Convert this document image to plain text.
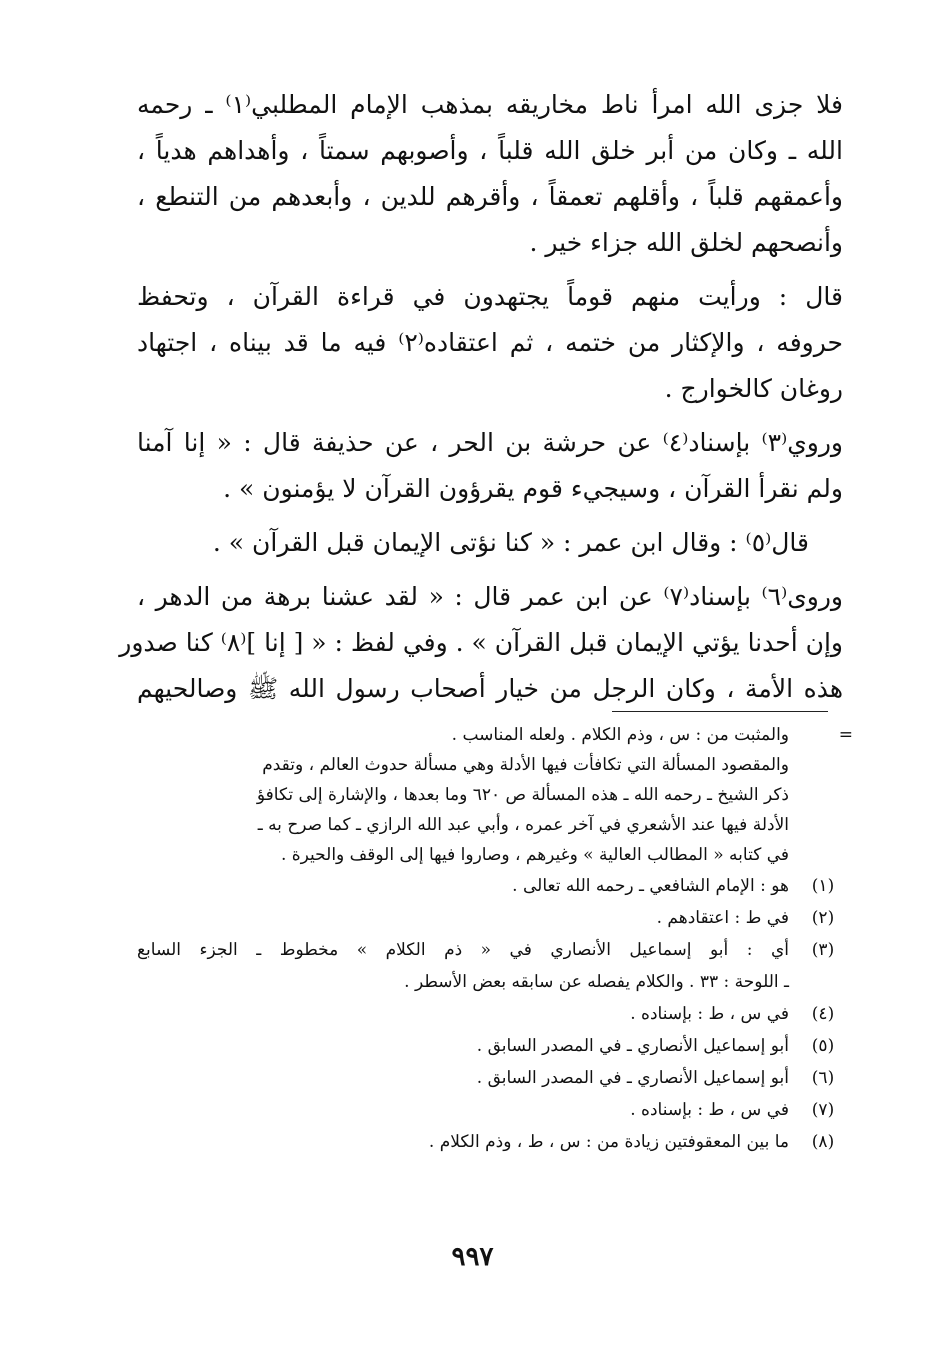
فلا جزى الله امرأ ناط مخاريقه بمذهب الإمام المطلبي⁽١⁾ ـ رحمه
الله ـ وكان من أبر خلق الله قلباً ، وأصوبهم سمتاً ، وأهداهم هدياً ،
وأعمقهم قلباً ، وأقلهم تعمقاً ، وأقرهم للدين ، وأبعدهم من التنطع ،
وأنصحهم لخلق الله جزاء خير .
قال : ورأيت منهم قوماً يجتهدون في قراءة القرآن ، وتحفظ
حروفه ، والإكثار من ختمه ، ثم اعتقاده⁽٢⁾ فيه ما قد بيناه ، اجتهاد
روغان كالخوارج .
وروي⁽٣⁾ بإسناد⁽٤⁾ عن حرشة بن الحر ، عن حذيفة قال : « إنا آمنا
ولم نقرأ القرآن ، وسيجيء قوم يقرؤون القرآن لا يؤمنون » .
قال⁽٥⁾ : وقال ابن عمر : « كنا نؤتى الإيمان قبل القرآن » .
وروى⁽٦⁾ بإسناد⁽٧⁾ عن ابن عمر قال : « لقد عشنا برهة من الدهر ،
وإن أحدنا يؤتي الإيمان قبل القرآن » . وفي لفظ : « [ إنا ]⁽٨⁾ كنا صدور
هذه الأمة ، وكان الرجل من خيار أصحاب رسول الله ﷺ وصالحيهم
=
والمثبت من : س ، وذم الكلام . ولعله المناسب .
والمقصود المسألة التي تكافأت فيها الأدلة وهي مسألة حدوث العالم ، وتقدم
ذكر الشيخ ـ رحمه الله ـ هذه المسألة ص ٦٢٠ وما بعدها ، والإشارة إلى تكافؤ
الأدلة فيها عند الأشعري في آخر عمره ، وأبي عبد الله الرازي ـ كما صرح به ـ
في كتابه « المطالب العالية » وغيرهم ، وصاروا فيها إلى الوقف والحيرة .
(١)
هو : الإمام الشافعي ـ رحمه الله تعالى .
(٢)
في ط : اعتقادهم .
(٣)
أي : أبو إسماعيل الأنصاري في « ذم الكلام » مخطوط ـ الجزء السابع
ـ اللوحة : ٣٣ . والكلام يفصله عن سابقه بعض الأسطر .
(٤)
في س ، ط : بإسناده .
(٥)
أبو إسماعيل الأنصاري ـ في المصدر السابق .
(٦)
أبو إسماعيل الأنصاري ـ في المصدر السابق .
(٧)
في س ، ط : بإسناده .
(٨)
ما بين المعقوفتين زيادة من : س ، ط ، وذم الكلام .
٩٩٧
